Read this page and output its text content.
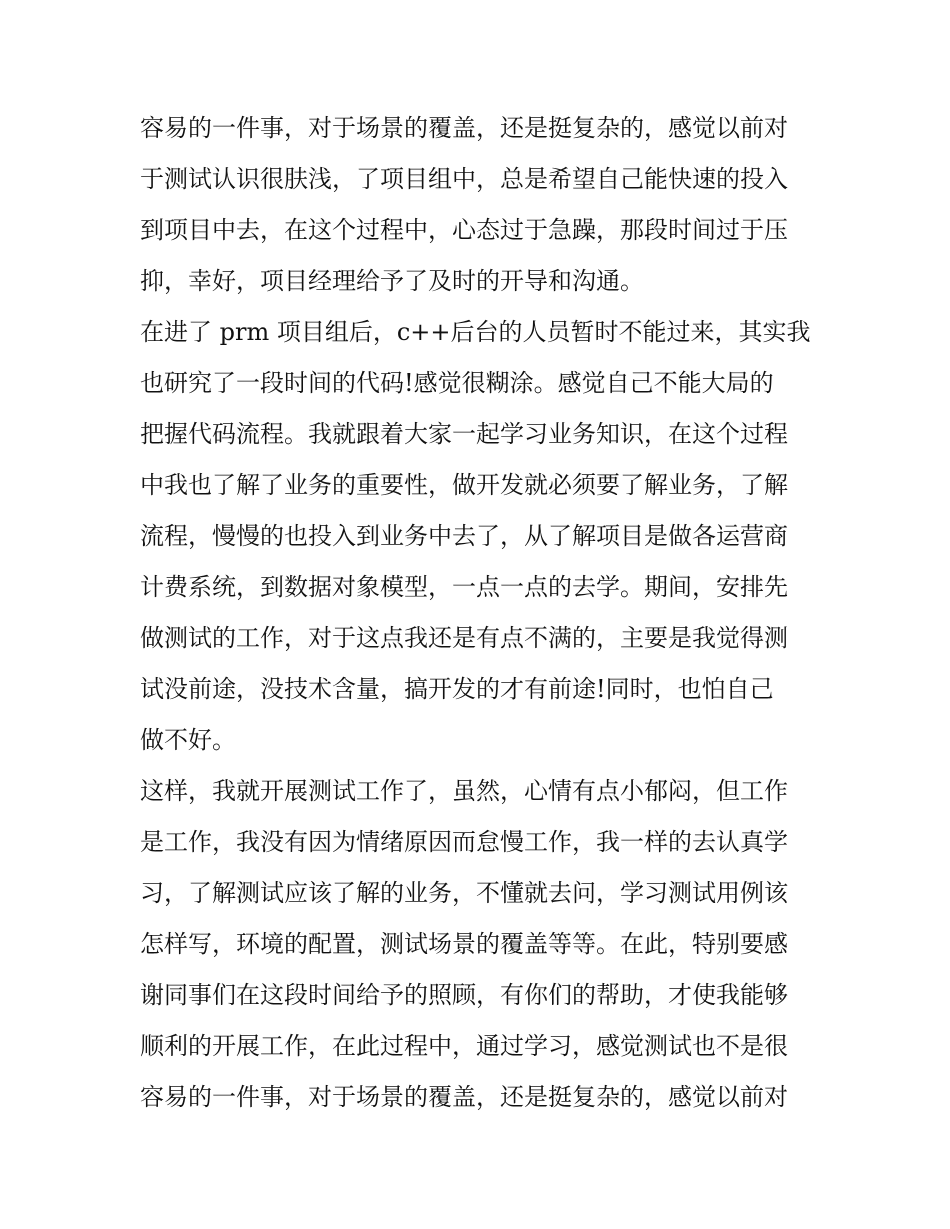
容易的一件事，对于场景的覆盖，还是挺复杂的，感觉以前对
于测试认识很肤浅，了项目组中，总是希望自己能快速的投入
到项目中去，在这个过程中，心态过于急躁，那段时间过于压
抑，幸好，项目经理给予了及时的开导和沟通。
在进了 prm 项目组后，c++后台的人员暂时不能过来，其实我
也研究了一段时间的代码!感觉很糊涂。感觉自己不能大局的
把握代码流程。我就跟着大家一起学习业务知识，在这个过程
中我也了解了业务的重要性，做开发就必须要了解业务，了解
流程，慢慢的也投入到业务中去了，从了解项目是做各运营商
计费系统，到数据对象模型，一点一点的去学。期间，安排先
做测试的工作，对于这点我还是有点不满的，主要是我觉得测
试没前途，没技术含量，搞开发的才有前途!同时，也怕自己
做不好。
这样，我就开展测试工作了，虽然，心情有点小郁闷，但工作
是工作，我没有因为情绪原因而怠慢工作，我一样的去认真学
习，了解测试应该了解的业务，不懂就去问，学习测试用例该
怎样写，环境的配置，测试场景的覆盖等等。在此，特别要感
谢同事们在这段时间给予的照顾，有你们的帮助，才使我能够
顺利的开展工作，在此过程中，通过学习，感觉测试也不是很
容易的一件事，对于场景的覆盖，还是挺复杂的，感觉以前对
